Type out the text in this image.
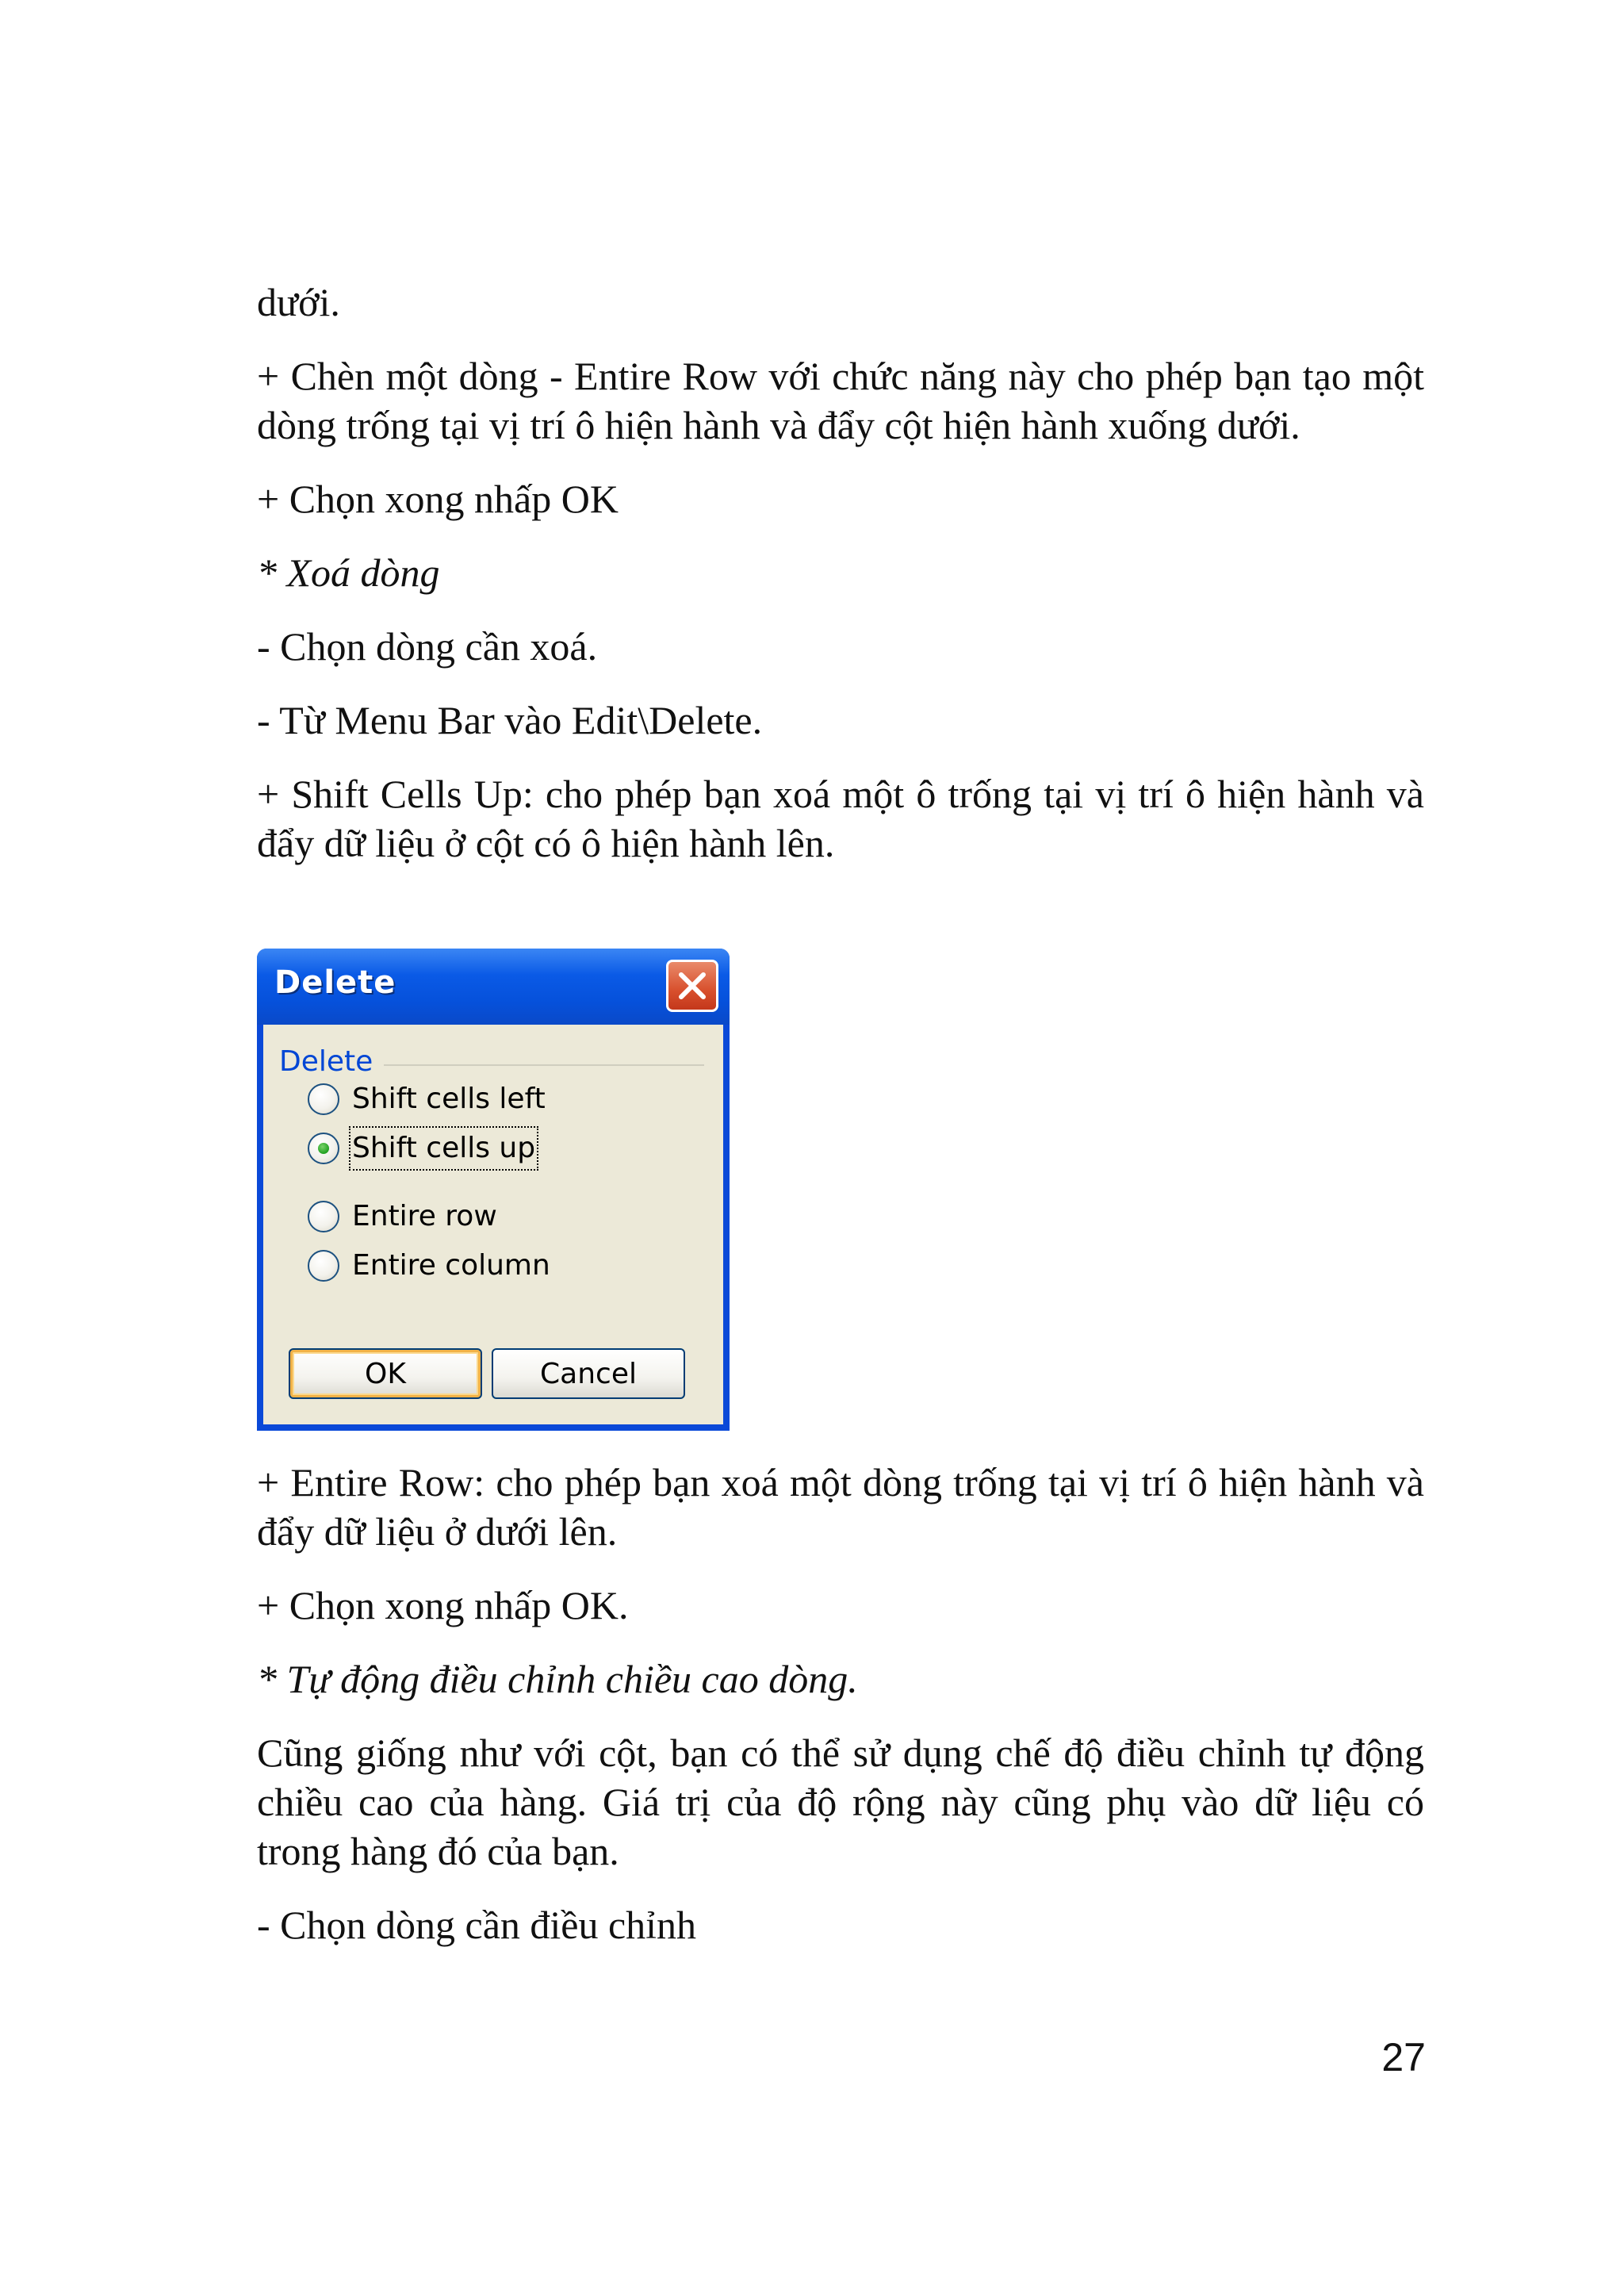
dưới.

+ Chèn một dòng - Entire Row với chức năng này cho phép bạn tạo một dòng trống tại vị trí ô hiện hành và đẩy cột hiện hành xuống dưới.

+ Chọn xong nhấp OK

* Xoá dòng

- Chọn dòng cần xoá.

- Từ Menu Bar vào Edit\Delete.

+ Shift Cells Up: cho phép bạn xoá một ô trống tại vị trí ô hiện hành và đẩy dữ liệu ở cột có ô hiện hành lên.

Delete
Delete
Shift cells left
Shift cells up
Entire row
Entire column
OK	Cancel

+ Entire Row: cho phép bạn xoá một dòng trống tại vị trí ô hiện hành và đẩy dữ liệu ở dưới lên.

+ Chọn xong nhấp OK.

* Tự động điều chỉnh chiều cao dòng.

Cũng giống như với cột, bạn có thể sử dụng chế độ điều chỉnh tự động chiều cao của hàng. Giá trị của độ rộng này cũng phụ vào dữ liệu có trong hàng đó của bạn.

- Chọn dòng cần điều chỉnh

27
